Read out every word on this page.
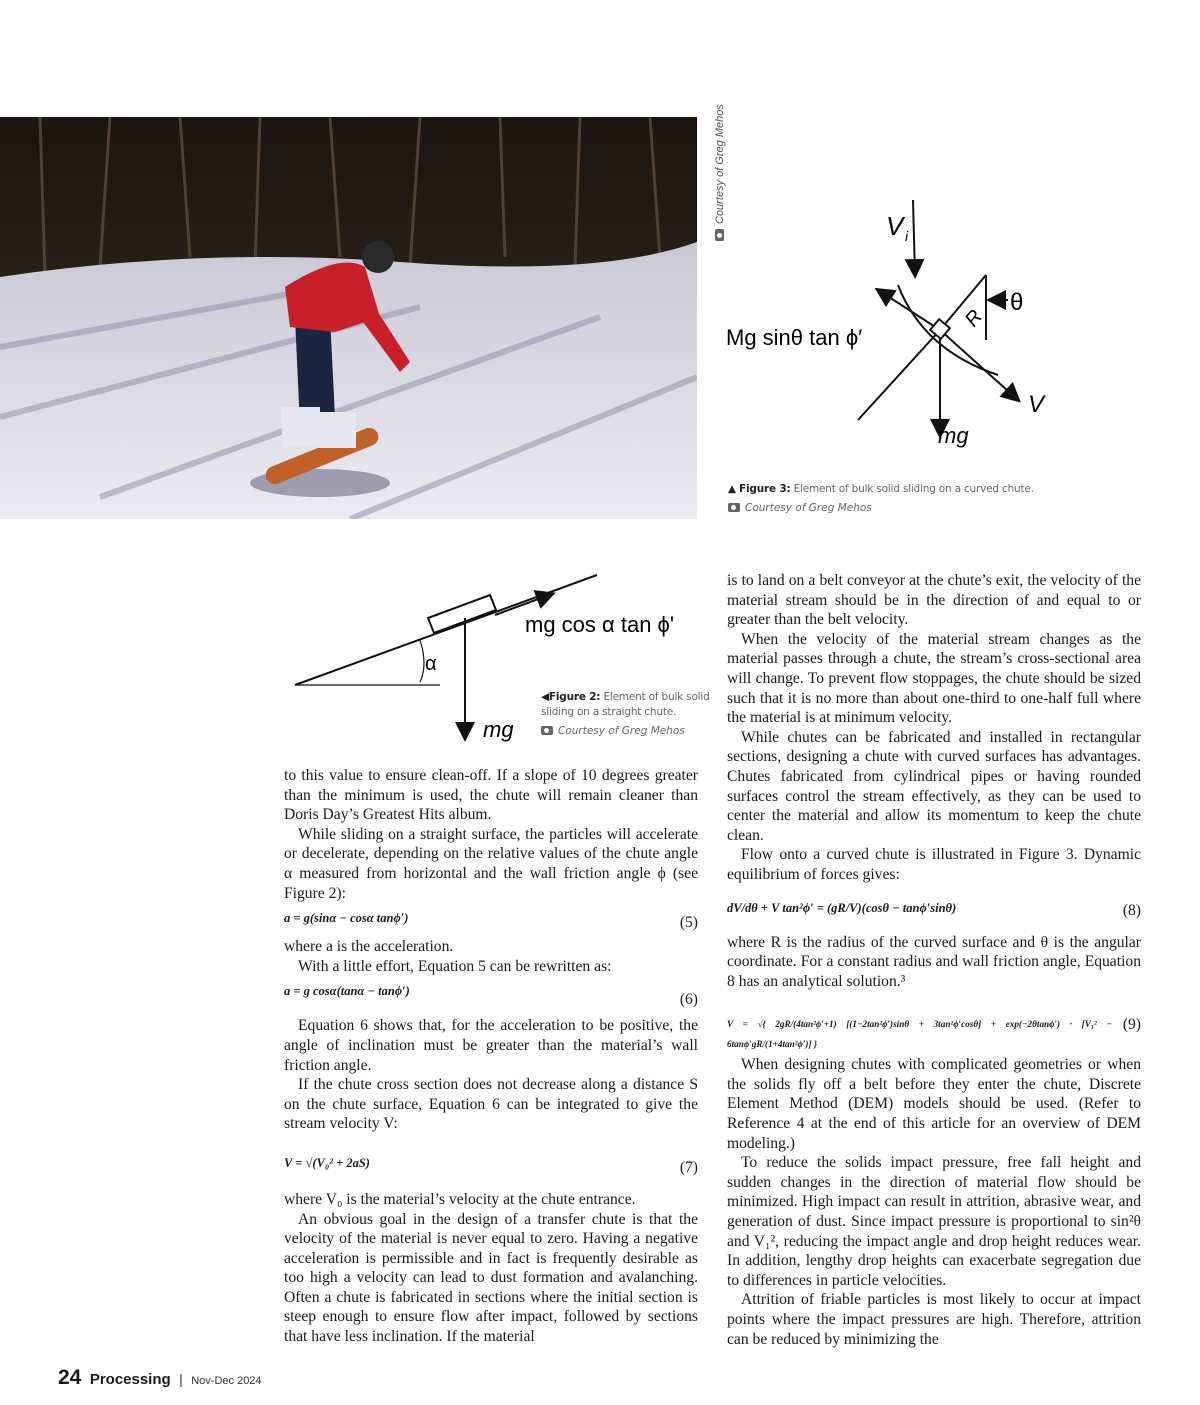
Courtesy of Greg Mehos
V i
θ
R
Mg sinθ tan ϕ′
V
mg
▲ Figure 3: Element of bulk solid sliding on a curved chute.
Courtesy of Greg Mehos
mg cos α tan ϕ'
α
mg
◀Figure 2: Element of bulk solid
sliding on a straight chute.
Courtesy of Greg Mehos

to this value to ensure clean-off. If a slope of 10 degrees greater than the minimum is used, the chute will remain cleaner than Doris Day’s Greatest Hits album.

While sliding on a straight surface, the particles will accelerate or decelerate, depending on the relative values of the chute angle α measured from horizontal and the wall friction angle ϕ (see Figure 2):

a = g(sinα − cosα tanϕ′)	(5)

where a is the acceleration.

With a little effort, Equation 5 can be rewritten as:

a = g cosα(tanα − tanϕ′)	(6)

Equation 6 shows that, for the acceleration to be positive, the angle of inclination must be greater than the material’s wall friction angle.

If the chute cross section does not decrease along a distance S on the chute surface, Equation 6 can be integrated to give the stream velocity V:

V = √(V₀² + 2aS)	(7)

where V₀ is the material’s velocity at the chute entrance.

An obvious goal in the design of a transfer chute is that the velocity of the material is never equal to zero. Having a negative acceleration is permissible and in fact is frequently desirable as too high a velocity can lead to dust formation and avalanching. Often a chute is fabricated in sections where the initial section is steep enough to ensure flow after impact, followed by sections that have less inclination. If the material

is to land on a belt conveyor at the chute’s exit, the velocity of the material stream should be in the direction of and equal to or greater than the belt velocity.

When the velocity of the material stream changes as the material passes through a chute, the stream’s cross-sectional area will change. To prevent flow stoppages, the chute should be sized such that it is no more than about one-third to one-half full where the material is at minimum velocity.

While chutes can be fabricated and installed in rectangular sections, designing a chute with curved surfaces has advantages. Chutes fabricated from cylindrical pipes or having rounded surfaces control the stream effectively, as they can be used to center the material and allow its momentum to keep the chute clean.

Flow onto a curved chute is illustrated in Figure 3. Dynamic equilibrium of forces gives:

dV/dθ + V tan²ϕ′ = (gR/V)(cosθ − tanϕ′sinθ)	(8)

where R is the radius of the curved surface and θ is the angular coordinate. For a constant radius and wall friction angle, Equation 8 has an analytical solution.³

V = √{ 2gR/(4tan²ϕ′+1) [(1−2tan²ϕ′)sinθ + 3tan²ϕ′cosθ] + exp(−2θtanϕ′) · [V₁² − 6tanϕ′gR/(1+4tan²ϕ′)] }
(9)

When designing chutes with complicated geometries or when the solids fly off a belt before they enter the chute, Discrete Element Method (DEM) models should be used. (Refer to Reference 4 at the end of this article for an overview of DEM modeling.)

To reduce the solids impact pressure, free fall height and sudden changes in the direction of material flow should be minimized. High impact can result in attrition, abrasive wear, and generation of dust. Since impact pressure is proportional to sin²θ and V₁², reducing the impact angle and drop height reduces wear. In addition, lengthy drop heights can exacerbate segregation due to differences in particle velocities.

Attrition of friable particles is most likely to occur at impact points where the impact pressures are high. Therefore, attrition can be reduced by minimizing the

24 Processing | Nov-Dec 2024
